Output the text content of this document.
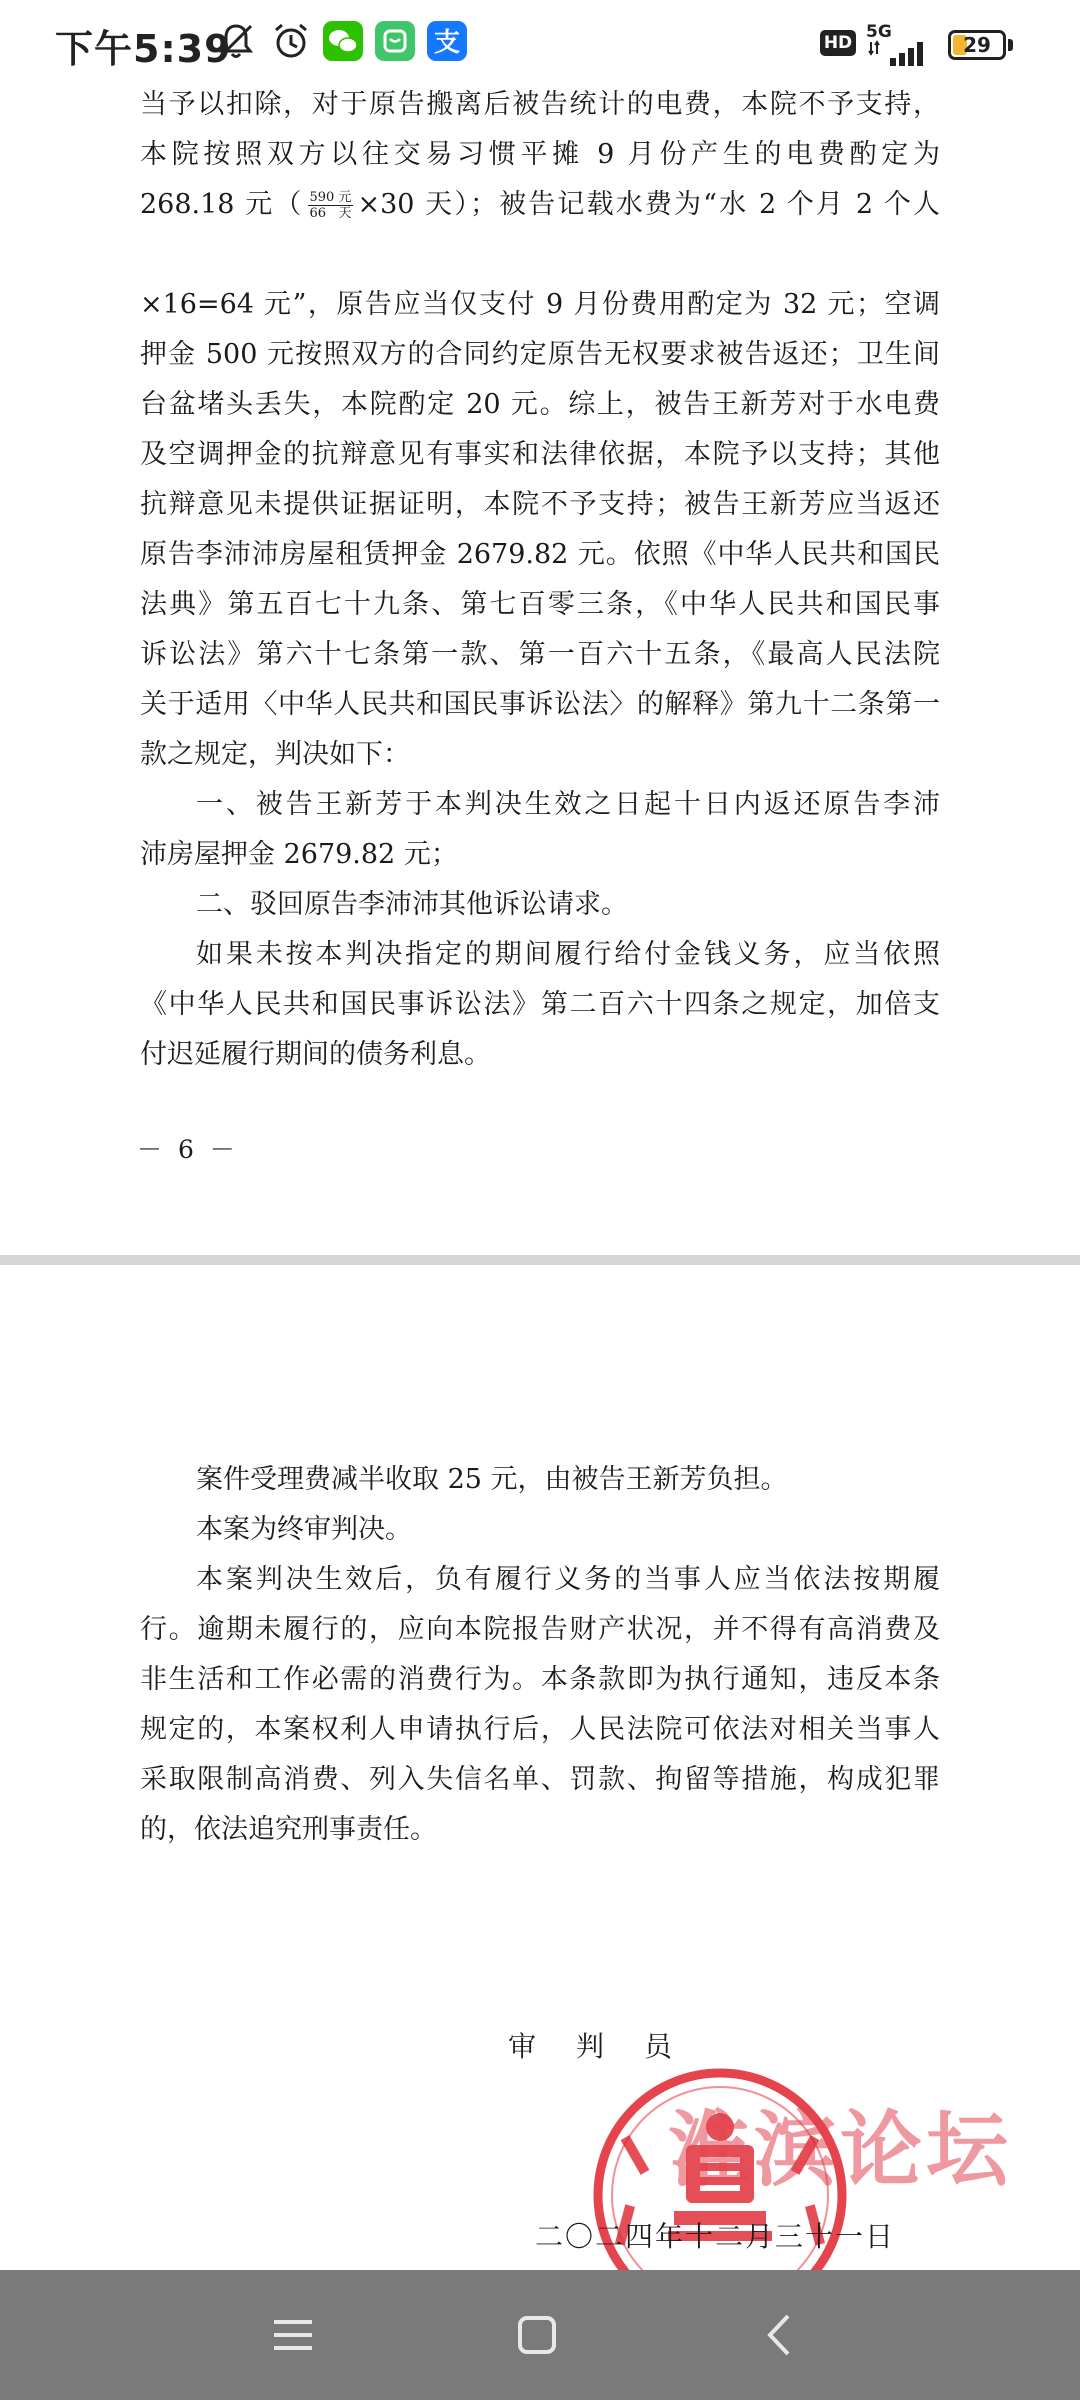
下午5:39	支	HD
5G
29
当予以扣除，对于原告搬离后被告统计的电费，本院不予支持，
本院按照双方以往交易习惯平摊 9 月份产生的电费酌定为
268.18 元（ $\frac{\text{590 元}}{\text{66 天}} \times 30$ 天）；被告记载水费为“水 2 个月 2 个人
×16=64 元”，原告应当仅支付 9 月份费用酌定为 32 元；空调
押金 500 元按照双方的合同约定原告无权要求被告返还；卫生间
台盆堵头丢失，本院酌定 20 元。综上，被告王新芳对于水电费
及空调押金的抗辩意见有事实和法律依据，本院予以支持；其他
抗辩意见未提供证据证明，本院不予支持；被告王新芳应当返还
原告李沛沛房屋租赁押金 2679.82 元。依照《中华人民共和国民
法典》第五百七十九条、第七百零三条，《中华人民共和国民事
诉讼法》第六十七条第一款、第一百六十五条，《最高人民法院
关于适用〈中华人民共和国民事诉讼法〉的解释》第九十二条第一
款之规定，判决如下：
一、被告王新芳于本判决生效之日起十日内返还原告李沛
沛房屋押金 2679.82 元；
二、驳回原告李沛沛其他诉讼请求。
如果未按本判决指定的期间履行给付金钱义务，应当依照
《中华人民共和国民事诉讼法》第二百六十四条之规定，加倍支
付迟延履行期间的债务利息。
－ 6 －
案件受理费减半收取 25 元，由被告王新芳负担。
本案为终审判决。
本案判决生效后，负有履行义务的当事人应当依法按期履
行。逾期未履行的，应向本院报告财产状况，并不得有高消费及
非生活和工作必需的消费行为。本条款即为执行通知，违反本条
规定的，本案权利人申请执行后，人民法院可依法对相关当事人
采取限制高消费、列入失信名单、罚款、拘留等措施，构成犯罪
的，依法追究刑事责任。
审　判　员
淮滨论坛
二〇二四年十二月三十一日
